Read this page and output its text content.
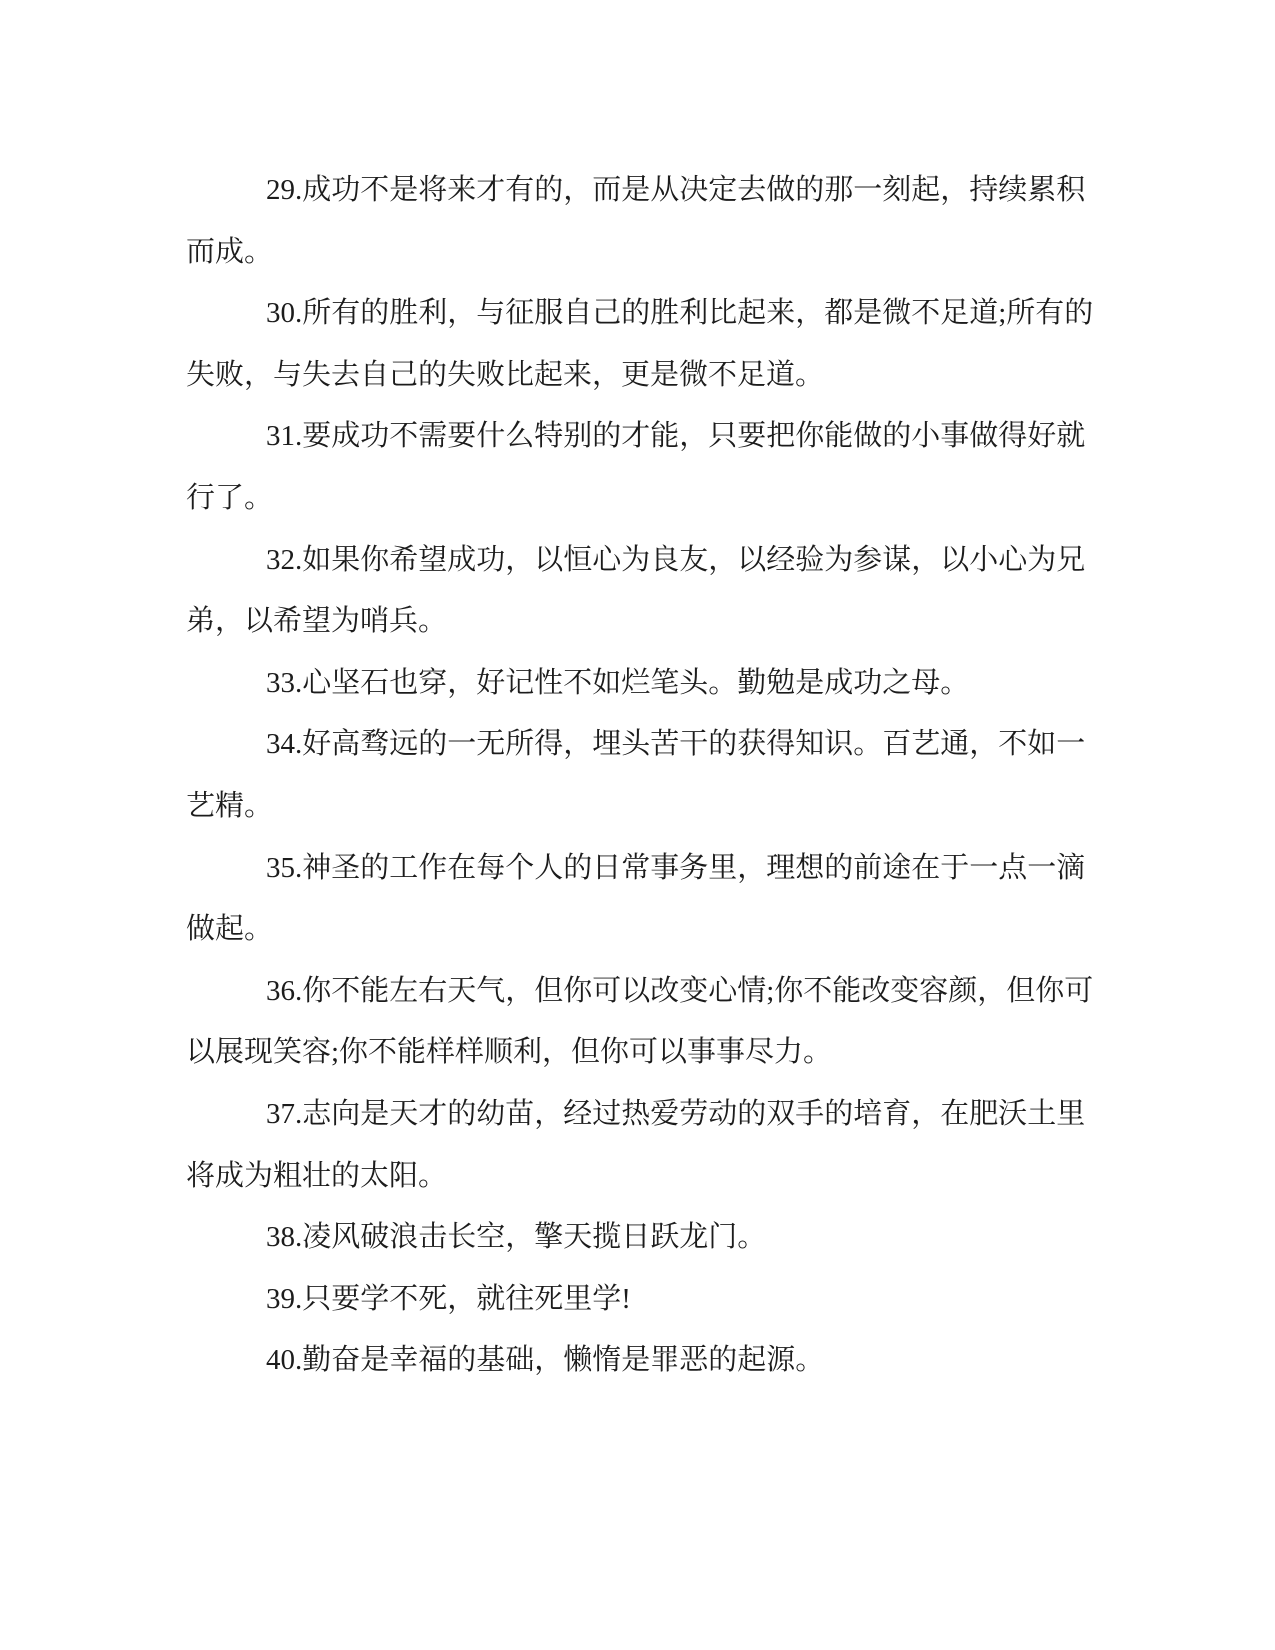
29.成功不是将来才有的，而是从决定去做的那一刻起，持续累积而成。

30.所有的胜利，与征服自己的胜利比起来，都是微不足道;所有的失败，与失去自己的失败比起来，更是微不足道。

31.要成功不需要什么特别的才能，只要把你能做的小事做得好就行了。

32.如果你希望成功，以恒心为良友，以经验为参谋，以小心为兄弟，以希望为哨兵。

33.心坚石也穿，好记性不如烂笔头。勤勉是成功之母。

34.好高骛远的一无所得，埋头苦干的获得知识。百艺通，不如一艺精。

35.神圣的工作在每个人的日常事务里，理想的前途在于一点一滴做起。

36.你不能左右天气，但你可以改变心情;你不能改变容颜，但你可以展现笑容;你不能样样顺利，但你可以事事尽力。

37.志向是天才的幼苗，经过热爱劳动的双手的培育，在肥沃土里将成为粗壮的太阳。

38.凌风破浪击长空，擎天揽日跃龙门。

39.只要学不死，就往死里学!

40.勤奋是幸福的基础，懒惰是罪恶的起源。
